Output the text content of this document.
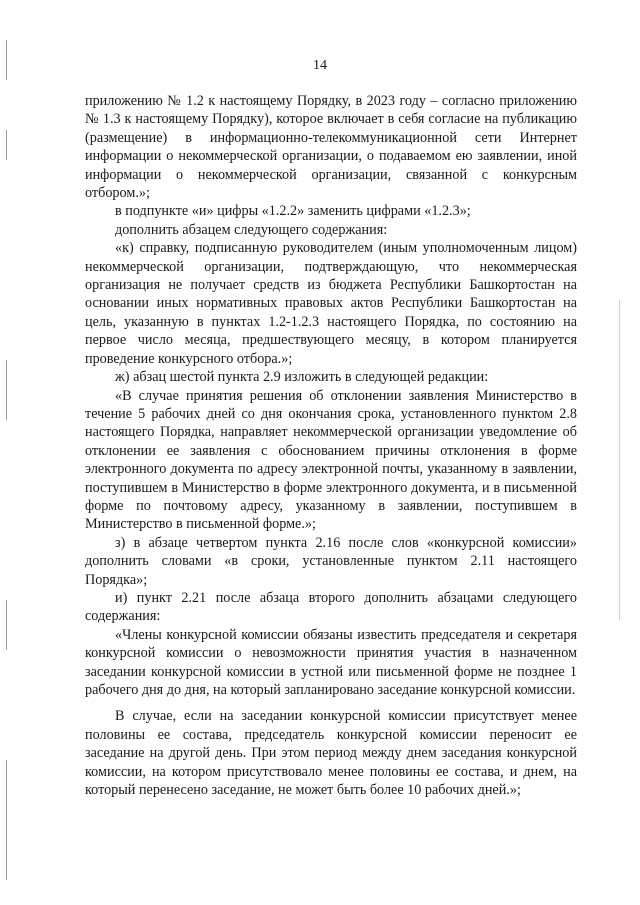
14

приложению № 1.2 к настоящему Порядку, в 2023 году – согласно приложению № 1.3 к настоящему Порядку), которое включает в себя согласие на публикацию (размещение) в информационно-телекоммуникационной сети Интернет информации о некоммерческой организации, о подаваемом ею заявлении, иной информации о некоммерческой организации, связанной с конкурсным отбором.»;

в подпункте «и» цифры «1.2.2» заменить цифрами «1.2.3»;

дополнить абзацем следующего содержания:

«к) справку, подписанную руководителем (иным уполномоченным лицом) некоммерческой организации, подтверждающую, что некоммерческая организация не получает средств из бюджета Республики Башкортостан на основании иных нормативных правовых актов Республики Башкортостан на цель, указанную в пунктах 1.2-1.2.3 настоящего Порядка, по состоянию на первое число месяца, предшествующего месяцу, в котором планируется проведение конкурсного отбора.»;

ж) абзац шестой пункта 2.9 изложить в следующей редакции:

«В случае принятия решения об отклонении заявления Министерство в течение 5 рабочих дней со дня окончания срока, установленного пунктом 2.8 настоящего Порядка, направляет некоммерческой организации уведомление об отклонении ее заявления с обоснованием причины отклонения в форме электронного документа по адресу электронной почты, указанному в заявлении, поступившем в Министерство в форме электронного документа, и в письменной форме по почтовому адресу, указанному в заявлении, поступившем в Министерство в письменной форме.»;

з) в абзаце четвертом пункта 2.16 после слов «конкурсной комиссии» дополнить словами «в сроки, установленные пунктом 2.11 настоящего Порядка»;

и) пункт 2.21 после абзаца второго дополнить абзацами следующего содержания:

«Члены конкурсной комиссии обязаны известить председателя и секретаря конкурсной комиссии о невозможности принятия участия в назначенном заседании конкурсной комиссии в устной или письменной форме не позднее 1 рабочего дня до дня, на который запланировано заседание конкурсной комиссии.

В случае, если на заседании конкурсной комиссии присутствует менее половины ее состава, председатель конкурсной комиссии переносит ее заседание на другой день. При этом период между днем заседания конкурсной комиссии, на котором присутствовало менее половины ее состава, и днем, на который перенесено заседание, не может быть более 10 рабочих дней.»;
